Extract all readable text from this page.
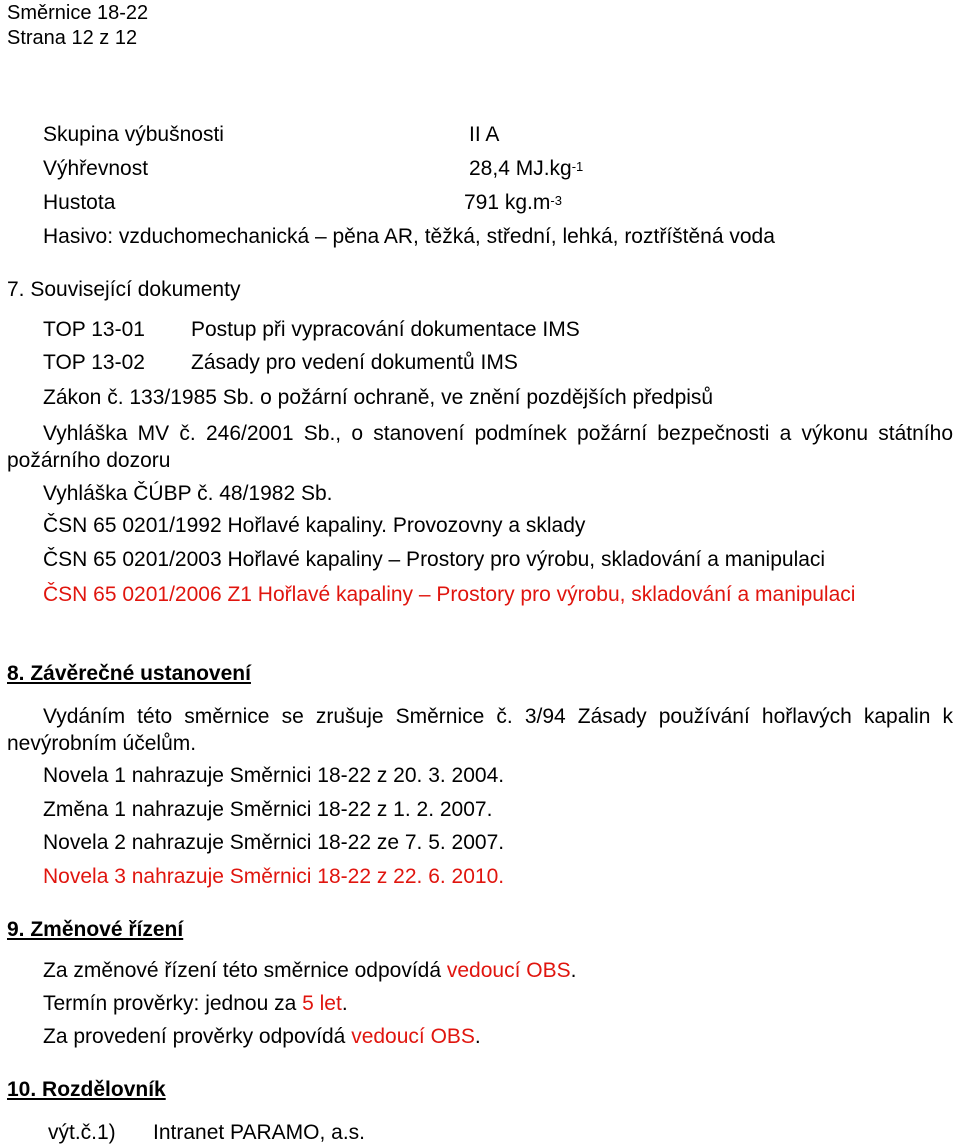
Směrnice 18-22
Strana 12 z 12
Skupina výbušnosti	II A
Výhřevnost	28,4 $MJ.kg^{-1}$
Hustota	791 $kg.m^{-3}$
Hasivo: vzduchomechanická – pěna AR, těžká, střední, lehká, roztříštěná voda
7. Související dokumenty
TOP 13-01 Postup při vypracování dokumentace IMS
TOP 13-02 Zásady pro vedení dokumentů IMS
Zákon č. 133/1985 Sb. o požární ochraně, ve znění pozdějších předpisů
Vyhláška MV č. 246/2001 Sb., o stanovení podmínek požární bezpečnosti a výkonu státního požárního dozoru
Vyhláška ČÚBP č. 48/1982 Sb.
ČSN 65 0201/1992 Hořlavé kapaliny. Provozovny a sklady
ČSN 65 0201/2003 Hořlavé kapaliny – Prostory pro výrobu, skladování a manipulaci
ČSN 65 0201/2006 Z1 Hořlavé kapaliny – Prostory pro výrobu, skladování a manipulaci
8. Závěrečné ustanovení
Vydáním této směrnice se zrušuje Směrnice č. 3/94 Zásady používání hořlavých kapalin k nevýrobním účelům.
Novela 1 nahrazuje Směrnici 18-22 z 20. 3. 2004.
Změna 1 nahrazuje Směrnici 18-22 z 1. 2. 2007.
Novela 2 nahrazuje Směrnici 18-22 ze 7. 5. 2007.
Novela 3 nahrazuje Směrnici 18-22 z 22. 6. 2010.
9. Změnové řízení
Za změnové řízení této směrnice odpovídá vedoucí OBS.
Termín prověrky: jednou za 5 let.
Za provedení prověrky odpovídá vedoucí OBS.
10. Rozdělovník
výt.č.1) Intranet PARAMO, a.s.
